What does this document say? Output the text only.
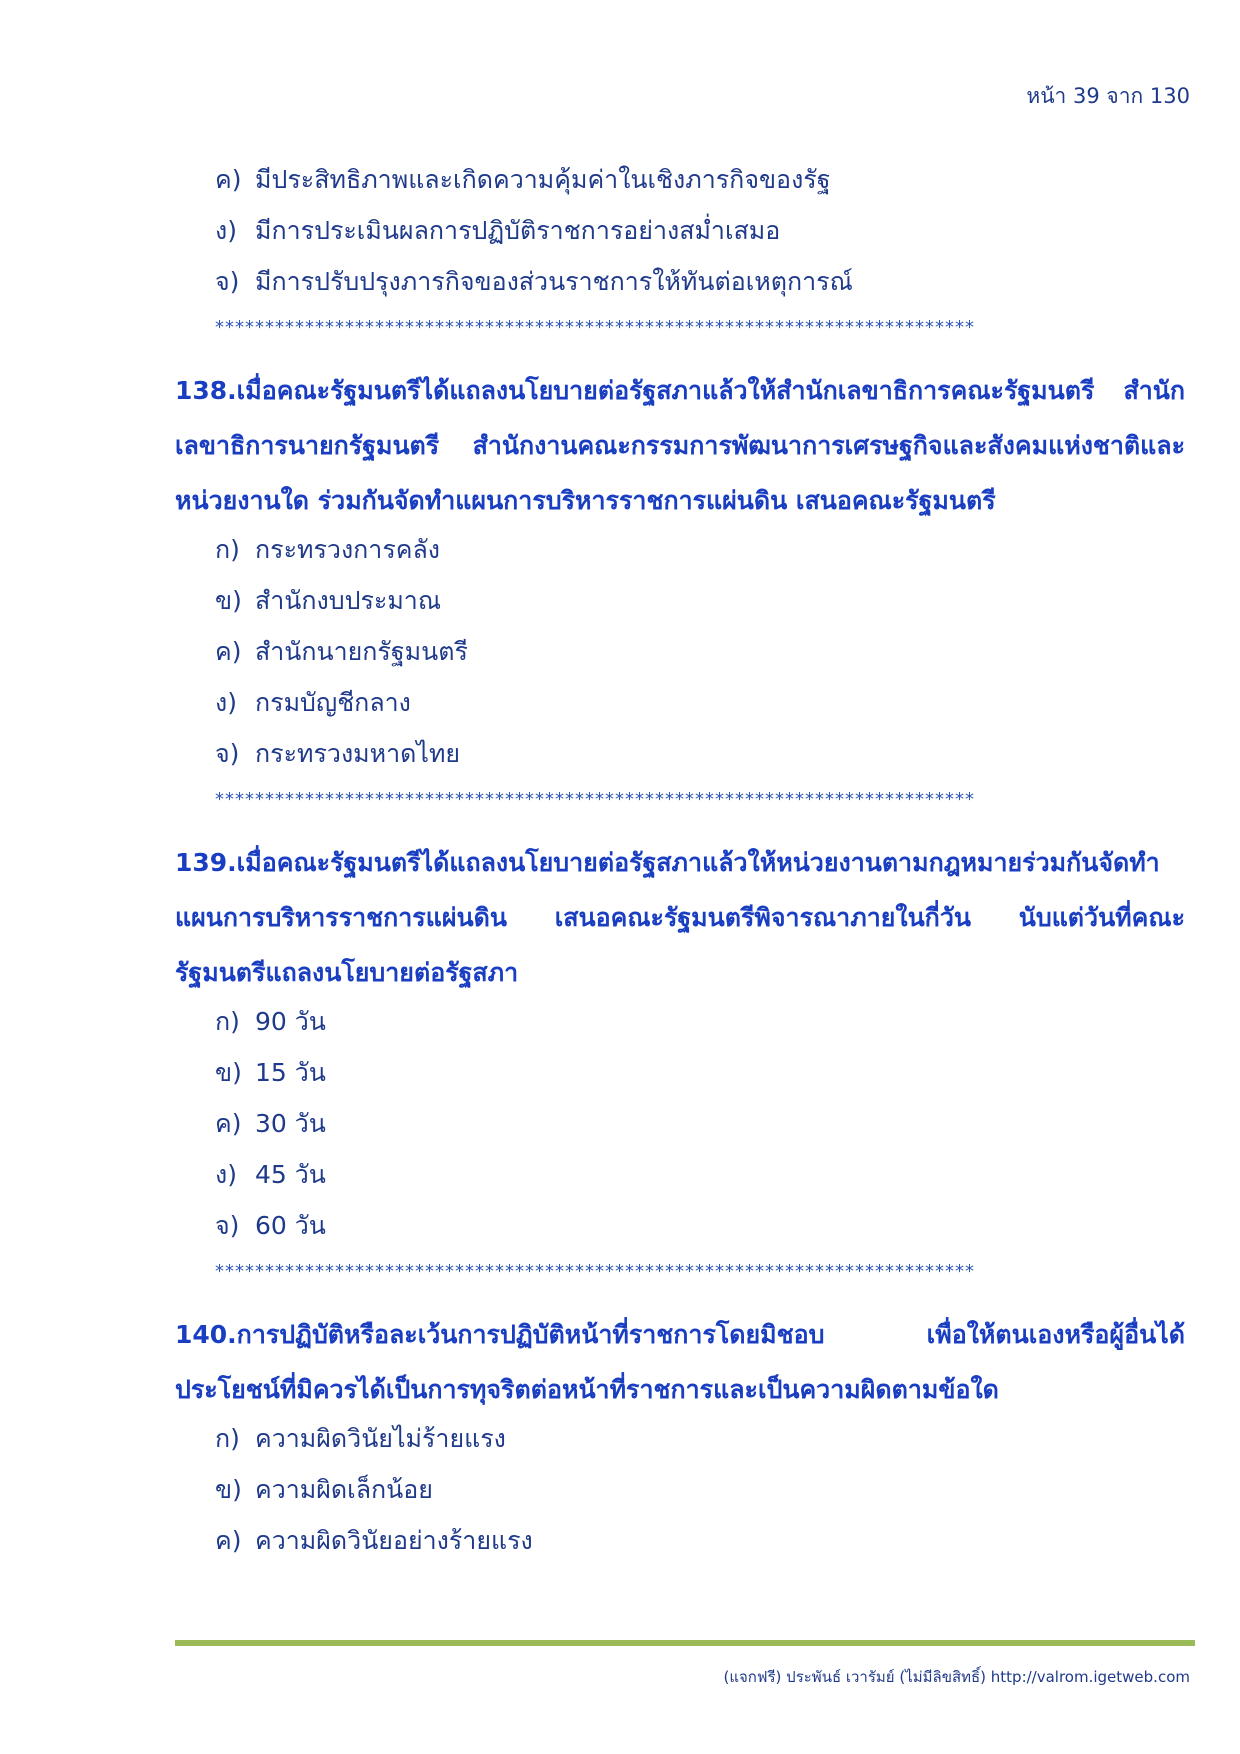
หน้า 39 จาก 130
ค) มีประสิทธิภาพและเกิดความคุ้มค่าในเชิงภารกิจของรัฐ
ง) มีการประเมินผลการปฏิบัติราชการอย่างสม่ำเสมอ
จ) มีการปรับปรุงภารกิจของส่วนราชการให้ทันต่อเหตุการณ์
****************************************************************************
138.เมื่อคณะรัฐมนตรีได้แถลงนโยบายต่อรัฐสภาแล้วให้สำนักเลขาธิการคณะรัฐมนตรี สำนักเลขาธิการนายกรัฐมนตรี สำนักงานคณะกรรมการพัฒนาการเศรษฐกิจและสังคมแห่งชาติและหน่วยงานใด ร่วมกันจัดทำแผนการบริหารราชการแผ่นดิน เสนอคณะรัฐมนตรี
ก) กระทรวงการคลัง
ข) สำนักงบประมาณ
ค) สำนักนายกรัฐมนตรี
ง) กรมบัญชีกลาง
จ) กระทรวงมหาดไทย
****************************************************************************
139.เมื่อคณะรัฐมนตรีได้แถลงนโยบายต่อรัฐสภาแล้วให้หน่วยงานตามกฎหมายร่วมกันจัดทำแผนการบริหารราชการแผ่นดิน เสนอคณะรัฐมนตรีพิจารณาภายในกี่วัน นับแต่วันที่คณะรัฐมนตรีแถลงนโยบายต่อรัฐสภา
ก) 90 วัน
ข) 15 วัน
ค) 30 วัน
ง) 45 วัน
จ) 60 วัน
****************************************************************************
140.การปฏิบัติหรือละเว้นการปฏิบัติหน้าที่ราชการโดยมิชอบ เพื่อให้ตนเองหรือผู้อื่นได้ประโยชน์ที่มิควรได้เป็นการทุจริตต่อหน้าที่ราชการและเป็นความผิดตามข้อใด
ก) ความผิดวินัยไม่ร้ายแรง
ข) ความผิดเล็กน้อย
ค) ความผิดวินัยอย่างร้ายแรง
(แจกฟรี) ประพันธ์ เวารัมย์ (ไม่มีลิขสิทธิ์) http://valrom.igetweb.com
